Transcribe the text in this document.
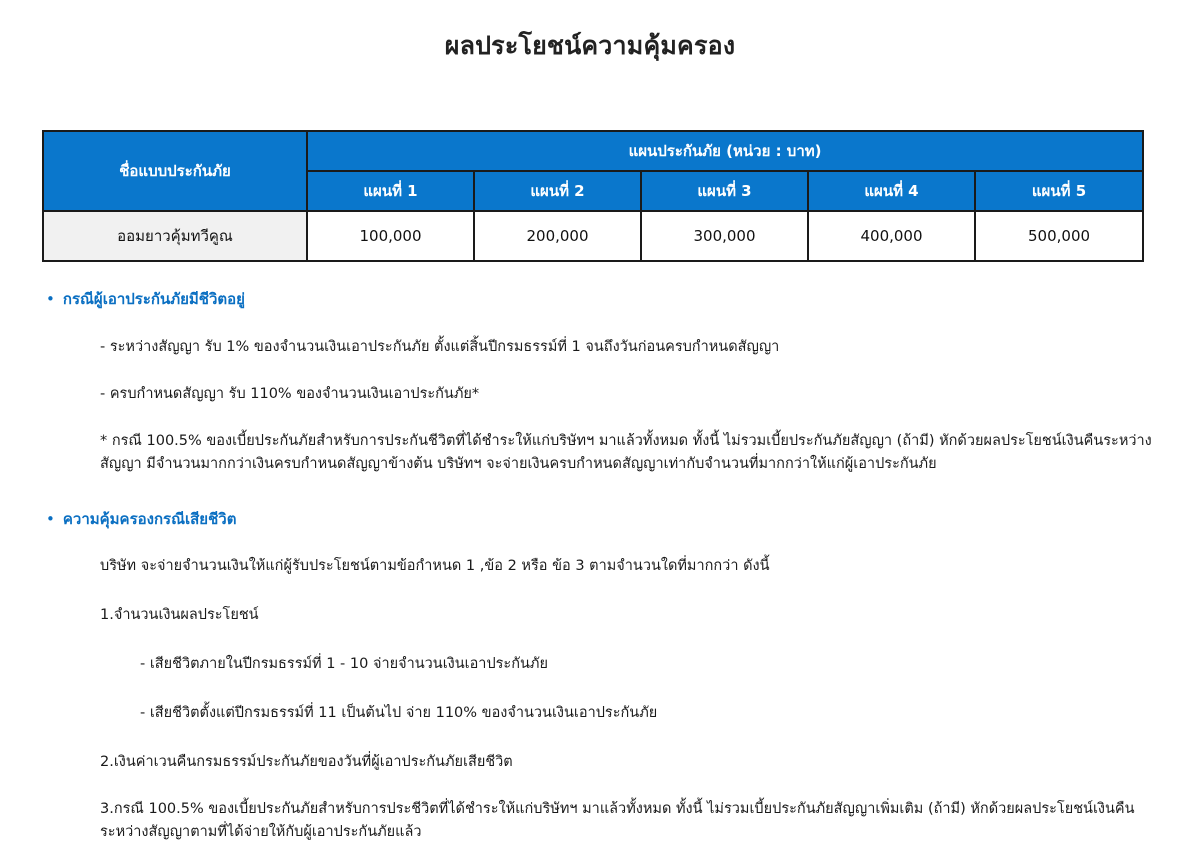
ผลประโยชน์ความคุ้มครอง
ชื่อแบบประกันภัย	แผนประกันภัย (หน่วย : บาท)				
	แผนที่ 1	แผนที่ 2	แผนที่ 3	แผนที่ 4	แผนที่ 5
ออมยาวคุ้มทวีคูณ	100,000	200,000	300,000	400,000	500,000
• กรณีผู้เอาประกันภัยมีชีวิตอยู่
- ระหว่างสัญญา รับ 1% ของจำนวนเงินเอาประกันภัย ตั้งแต่สิ้นปีกรมธรรม์ที่ 1 จนถึงวันก่อนครบกำหนดสัญญา
- ครบกำหนดสัญญา รับ 110% ของจำนวนเงินเอาประกันภัย*
* กรณี 100.5% ของเบี้ยประกันภัยสำหรับการประกันชีวิตที่ได้ชำระให้แก่บริษัทฯ มาแล้วทั้งหมด ทั้งนี้ ไม่รวมเบี้ยประกันภัยสัญญา (ถ้ามี) หักด้วยผลประโยชน์เงินคืนระหว่างสัญญา มีจำนวนมากกว่าเงินครบกำหนดสัญญาข้างต้น บริษัทฯ จะจ่ายเงินครบกำหนดสัญญาเท่ากับจำนวนที่มากกว่าให้แก่ผู้เอาประกันภัย
• ความคุ้มครองกรณีเสียชีวิต
บริษัท จะจ่ายจำนวนเงินให้แก่ผู้รับประโยชน์ตามข้อกำหนด 1 ,ข้อ 2 หรือ ข้อ 3 ตามจำนวนใดที่มากกว่า ดังนี้
1.จำนวนเงินผลประโยชน์
- เสียชีวิตภายในปีกรมธรรม์ที่ 1 - 10 จ่ายจำนวนเงินเอาประกันภัย
- เสียชีวิตตั้งแต่ปีกรมธรรม์ที่ 11 เป็นต้นไป จ่าย 110% ของจำนวนเงินเอาประกันภัย
2.เงินค่าเวนคืนกรมธรรม์ประกันภัยของวันที่ผู้เอาประกันภัยเสียชีวิต
3.กรณี 100.5% ของเบี้ยประกันภัยสำหรับการประชีวิตที่ได้ชำระให้แก่บริษัทฯ มาแล้วทั้งหมด ทั้งนี้ ไม่รวมเบี้ยประกันภัยสัญญาเพิ่มเติม (ถ้ามี) หักด้วยผลประโยชน์เงินคืนระหว่างสัญญาตามที่ได้จ่ายให้กับผู้เอาประกันภัยแล้ว
